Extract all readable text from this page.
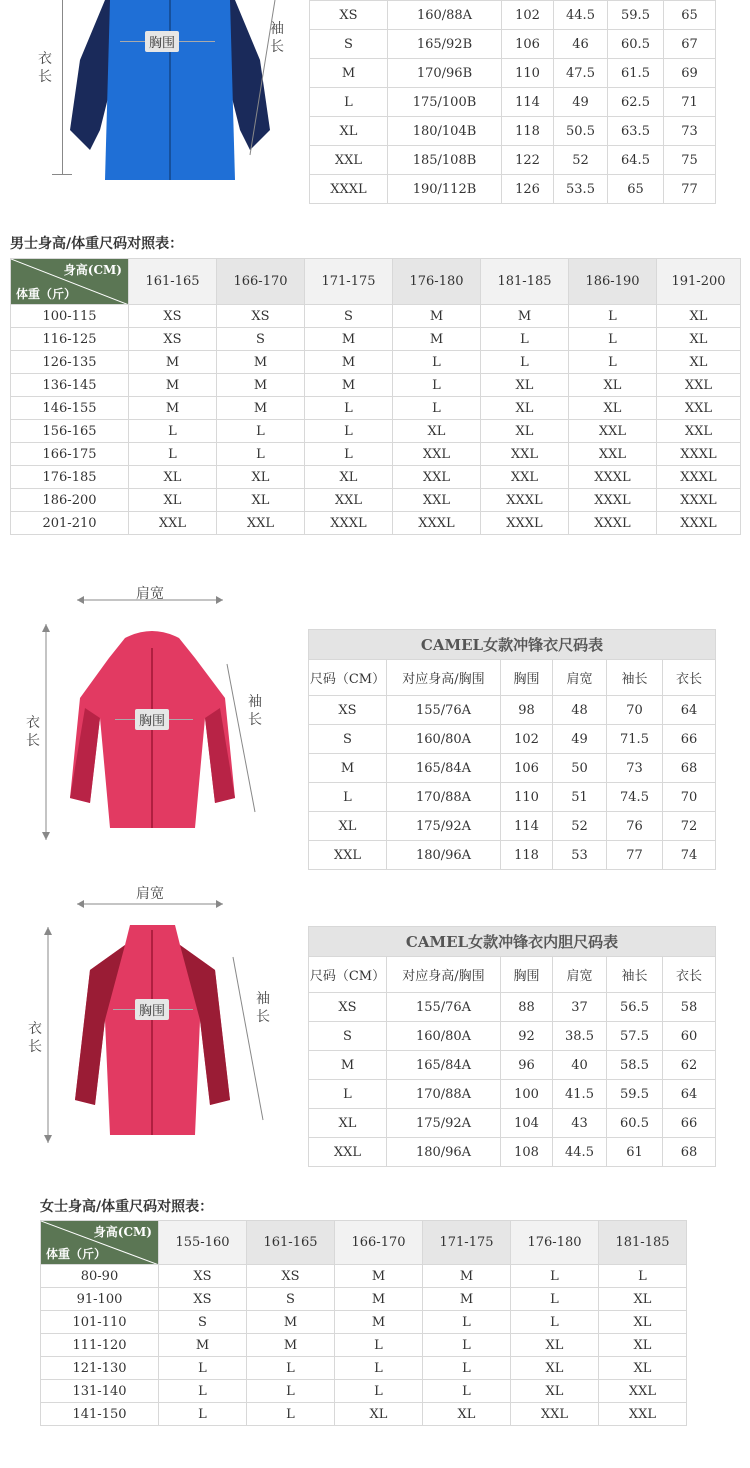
衣长
袖长
胸围
XS	160/88A	102	44.5	59.5	65
S	165/92B	106	46	60.5	67
M	170/96B	110	47.5	61.5	69
L	175/100B	114	49	62.5	71
XL	180/104B	118	50.5	63.5	73
XXL	185/108B	122	52	64.5	75
XXXL	190/112B	126	53.5	65	77
男士身高/体重尺码对照表：
身高(CM)
体重（斤）	161-165	166-170	171-175	176-180	181-185	186-190	191-200
100-115	XS	XS	S	M	M	L	XL
116-125	XS	S	M	M	L	L	XL
126-135	M	M	M	L	L	L	XL
136-145	M	M	M	L	XL	XL	XXL
146-155	M	M	L	L	XL	XL	XXL
156-165	L	L	L	XL	XL	XXL	XXL
166-175	L	L	L	XXL	XXL	XXL	XXXL
176-185	XL	XL	XL	XXL	XXL	XXXL	XXXL
186-200	XL	XL	XXL	XXL	XXXL	XXXL	XXXL
201-210	XXL	XXL	XXXL	XXXL	XXXL	XXXL	XXXL
肩宽
衣长
胸围
袖长
CAMEL女款冲锋衣尺码表					
尺码（CM）	对应身高/胸围	胸围	肩宽	袖长	衣长
XS	155/76A	98	48	70	64
S	160/80A	102	49	71.5	66
M	165/84A	106	50	73	68
L	170/88A	110	51	74.5	70
XL	175/92A	114	52	76	72
XXL	180/96A	118	53	77	74
肩宽
衣长
胸围
袖长
CAMEL女款冲锋衣内胆尺码表					
尺码（CM）	对应身高/胸围	胸围	肩宽	袖长	衣长
XS	155/76A	88	37	56.5	58
S	160/80A	92	38.5	57.5	60
M	165/84A	96	40	58.5	62
L	170/88A	100	41.5	59.5	64
XL	175/92A	104	43	60.5	66
XXL	180/96A	108	44.5	61	68
女士身高/体重尺码对照表：
身高(CM)
体重（斤）	155-160	161-165	166-170	171-175	176-180	181-185
80-90	XS	XS	M	M	L	L
91-100	XS	S	M	M	L	XL
101-110	S	M	M	L	L	XL
111-120	M	M	L	L	XL	XL
121-130	L	L	L	L	XL	XL
131-140	L	L	L	L	XL	XXL
141-150	L	L	XL	XL	XXL	XXL
